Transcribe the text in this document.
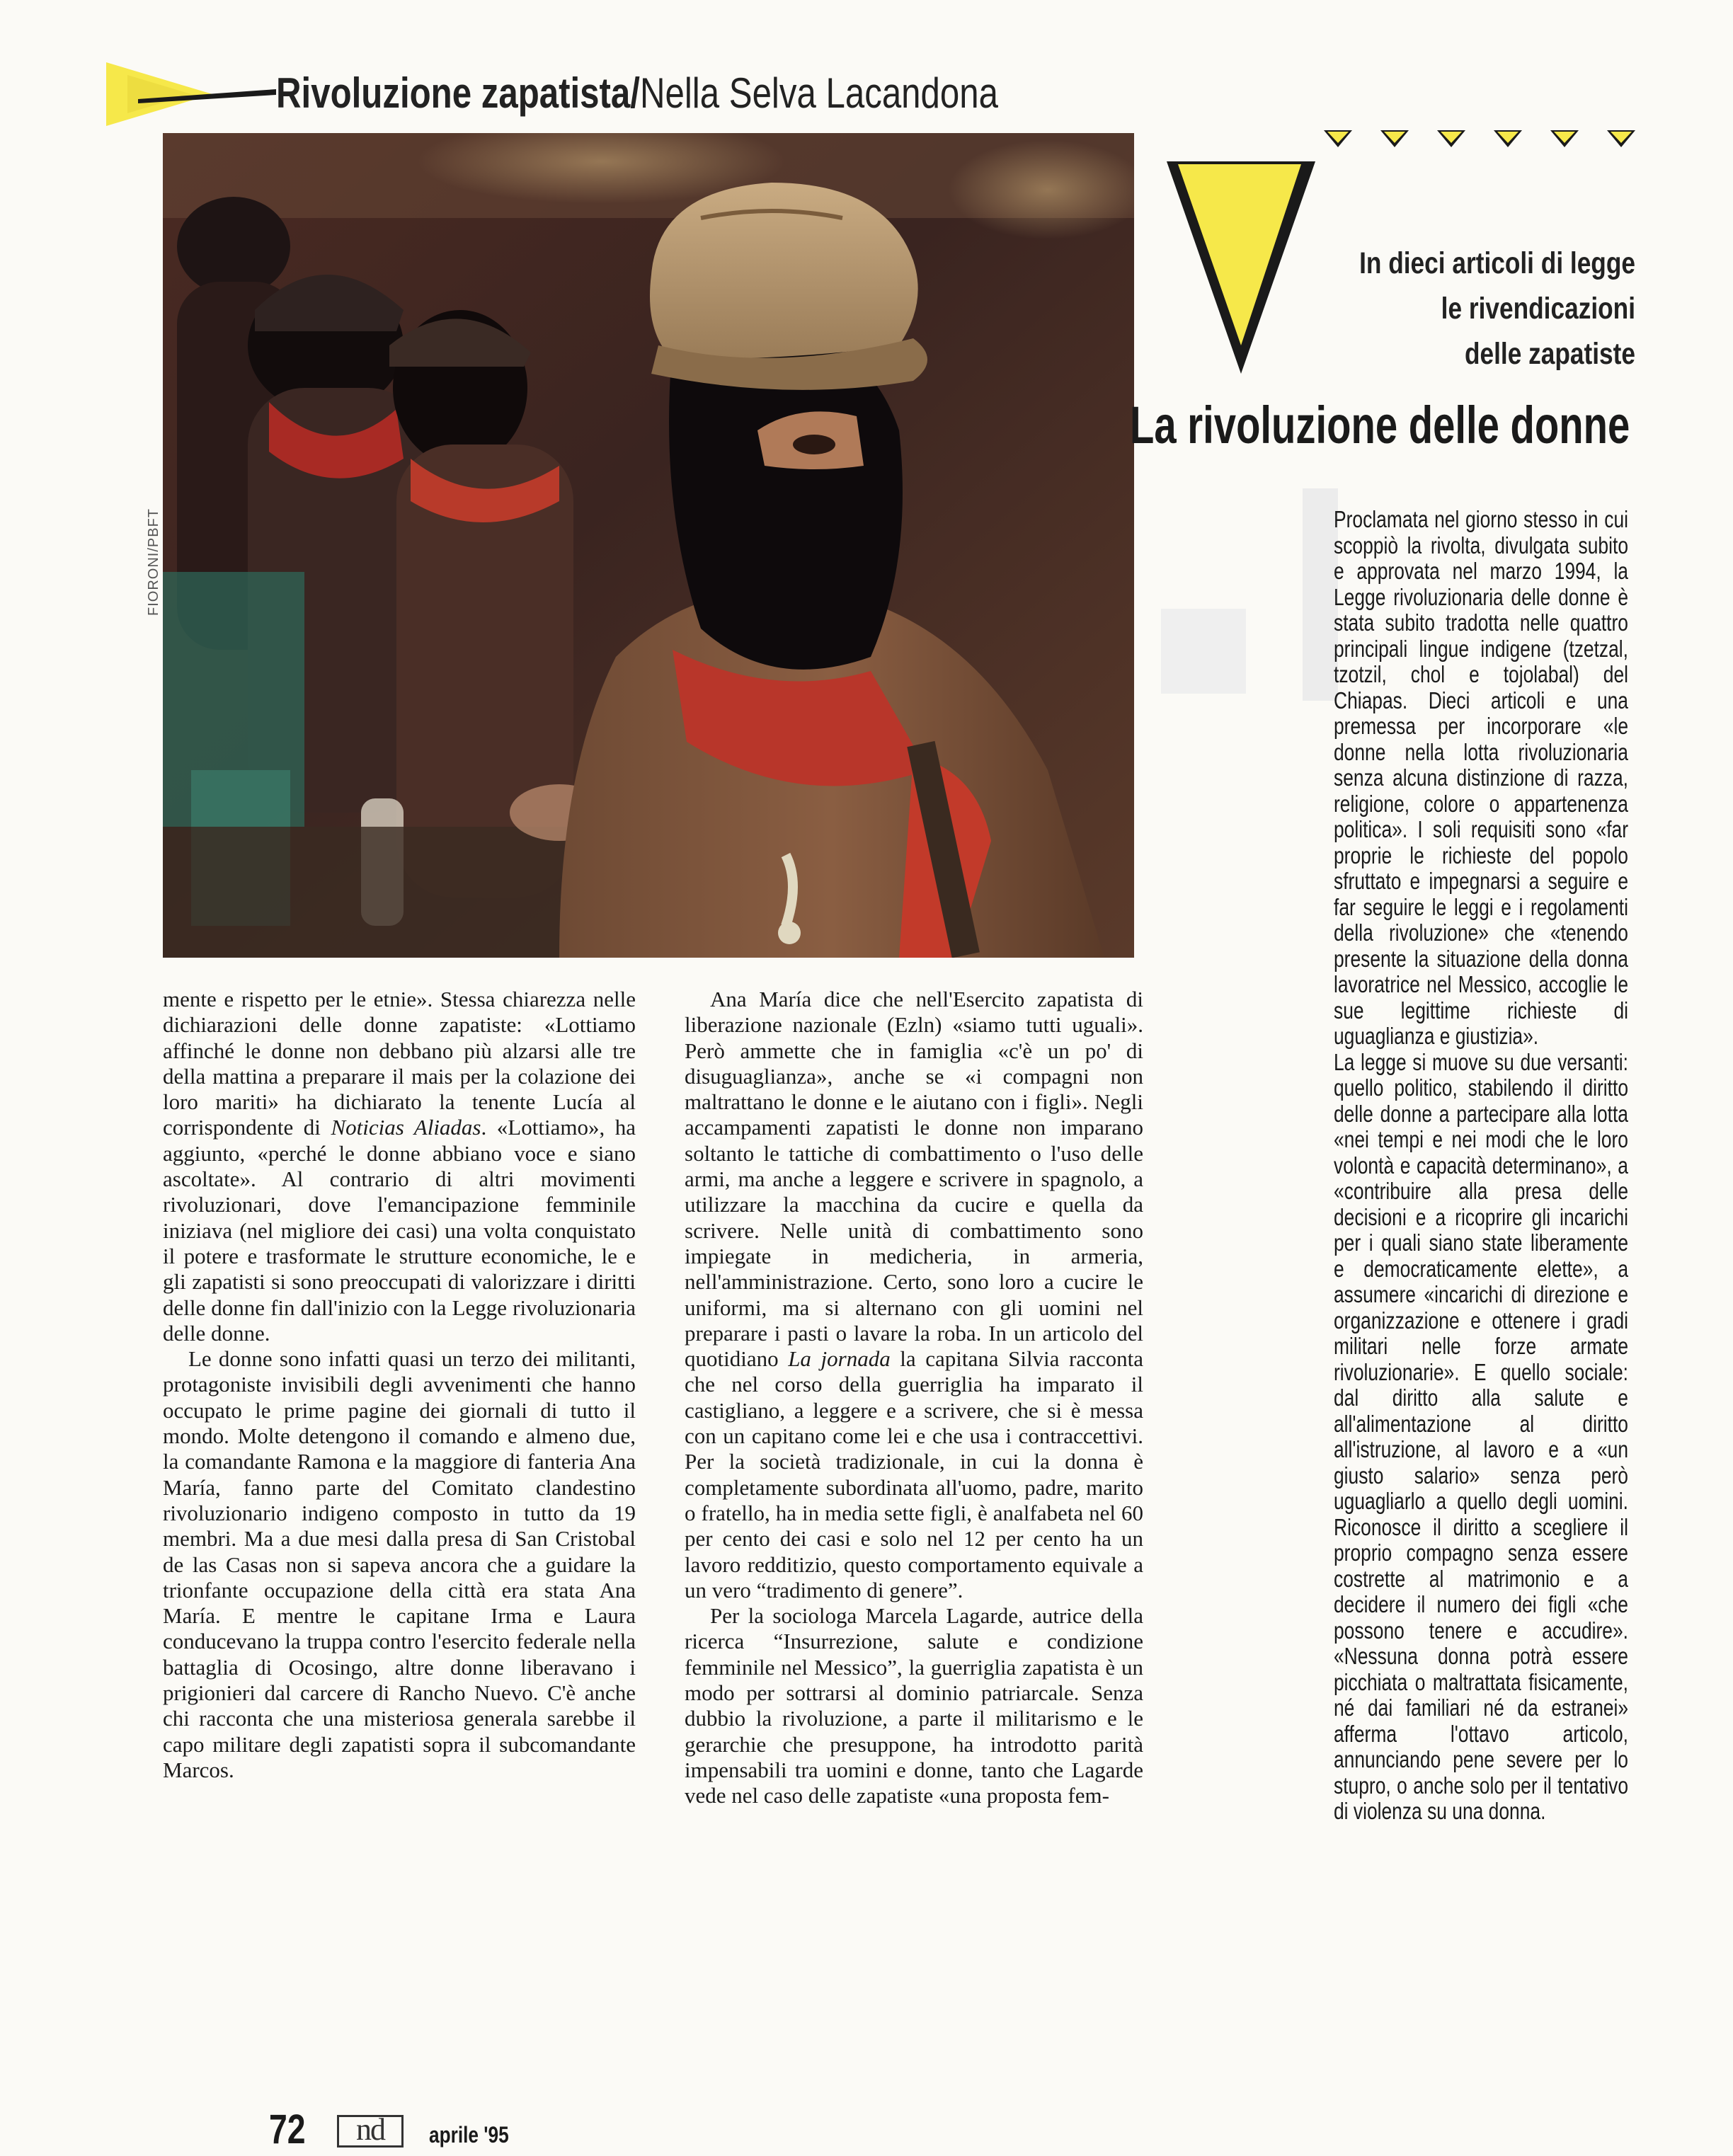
Rivoluzione zapatista/Nella Selva Lacandona
FIORONI/PBFT
In dieci articoli di legge
le rivendicazioni
delle zapatiste
La rivoluzione delle donne

Proclamata nel giorno stesso in cui scoppiò la rivolta, divulgata subito e approvata nel marzo 1994, la Legge rivoluzionaria delle donne è stata subito tradotta nelle quattro principali lingue indigene (tzetzal, tzotzil, chol e tojolabal) del Chiapas. Dieci articoli e una premessa per incorporare «le donne nella lotta rivoluzionaria senza alcuna distinzione di razza, religione, colore o appartenenza politica». I soli requisiti sono «far proprie le richieste del popolo sfruttato e impegnarsi a seguire e far seguire le leggi e i regolamenti della rivoluzione» che «tenendo presente la situazione della donna lavoratrice nel Messico, accoglie le sue legittime richieste di uguaglianza e giustizia».

La legge si muove su due versanti: quello politico, stabilendo il diritto delle donne a partecipare alla lotta «nei tempi e nei modi che le loro volontà e capacità determinano», a «contribuire alla presa delle decisioni e a ricoprire gli incarichi per i quali siano state liberamente e democraticamente elette», a assumere «incarichi di direzione e organizzazione e ottenere i gradi militari nelle forze armate rivoluzionarie». E quello sociale: dal diritto alla salute e all'alimentazione al diritto all'istruzione, al lavoro e a «un giusto salario» senza però uguagliarlo a quello degli uomini. Riconosce il diritto a scegliere il proprio compagno senza essere costrette al matrimonio e a decidere il numero dei figli «che possono tenere e accudire». «Nessuna donna potrà essere picchiata o maltrattata fisicamente, né dai familiari né da estranei» afferma l'ottavo articolo, annunciando pene severe per lo stupro, o anche solo per il tentativo di violenza su una donna.

mente e rispetto per le etnie». Stessa chiarezza nelle dichiarazioni delle donne zapatiste: «Lottiamo affinché le donne non debbano più alzarsi alle tre della mattina a preparare il mais per la colazione dei loro mariti» ha dichiarato la tenente Lucía al corrispondente di Noticias Aliadas. «Lottiamo», ha aggiunto, «perché le donne abbiano voce e siano ascoltate». Al contrario di altri movimenti rivoluzionari, dove l'emancipazione femminile iniziava (nel migliore dei casi) una volta conquistato il potere e trasformate le strutture economiche, le e gli zapatisti si sono preoccupati di valorizzare i diritti delle donne fin dall'inizio con la Legge rivoluzionaria delle donne.

Le donne sono infatti quasi un terzo dei militanti, protagoniste invisibili degli avvenimenti che hanno occupato le prime pagine dei giornali di tutto il mondo. Molte detengono il comando e almeno due, la comandante Ramona e la maggiore di fanteria Ana María, fanno parte del Comitato clandestino rivoluzionario indigeno composto in tutto da 19 membri. Ma a due mesi dalla presa di San Cristobal de las Casas non si sapeva ancora che a guidare la trionfante occupazione della città era stata Ana María. E mentre le capitane Irma e Laura conducevano la truppa contro l'esercito federale nella battaglia di Ocosingo, altre donne liberavano i prigionieri dal carcere di Rancho Nuevo. C'è anche chi racconta che una misteriosa generala sarebbe il capo militare degli zapatisti sopra il subcomandante Marcos.

Ana María dice che nell'Esercito zapatista di liberazione nazionale (Ezln) «siamo tutti uguali». Però ammette che in famiglia «c'è un po' di disuguaglianza», anche se «i compagni non maltrattano le donne e le aiutano con i figli». Negli accampamenti zapatisti le donne non imparano soltanto le tattiche di combattimento o l'uso delle armi, ma anche a leggere e scrivere in spagnolo, a utilizzare la macchina da cucire e quella da scrivere. Nelle unità di combattimento sono impiegate in medicheria, in armeria, nell'amministrazione. Certo, sono loro a cucire le uniformi, ma si alternano con gli uomini nel preparare i pasti o lavare la roba. In un articolo del quotidiano La jornada la capitana Silvia racconta che nel corso della guerriglia ha imparato il castigliano, a leggere e a scrivere, che si è messa con un capitano come lei e che usa i contraccettivi. Per la società tradizionale, in cui la donna è completamente subordinata all'uomo, padre, marito o fratello, ha in media sette figli, è analfabeta nel 60 per cento dei casi e solo nel 12 per cento ha un lavoro redditizio, questo comportamento equivale a un vero “tradimento di genere”.

Per la sociologa Marcela Lagarde, autrice della ricerca “Insurrezione, salute e condizione femminile nel Messico”, la guerriglia zapatista è un modo per sottrarsi al dominio patriarcale. Senza dubbio la rivoluzione, a parte il militarismo e le gerarchie che presuppone, ha introdotto parità impensabili tra uomini e donne, tanto che Lagarde vede nel caso delle zapatiste «una proposta fem-

72	nd	aprile '95
